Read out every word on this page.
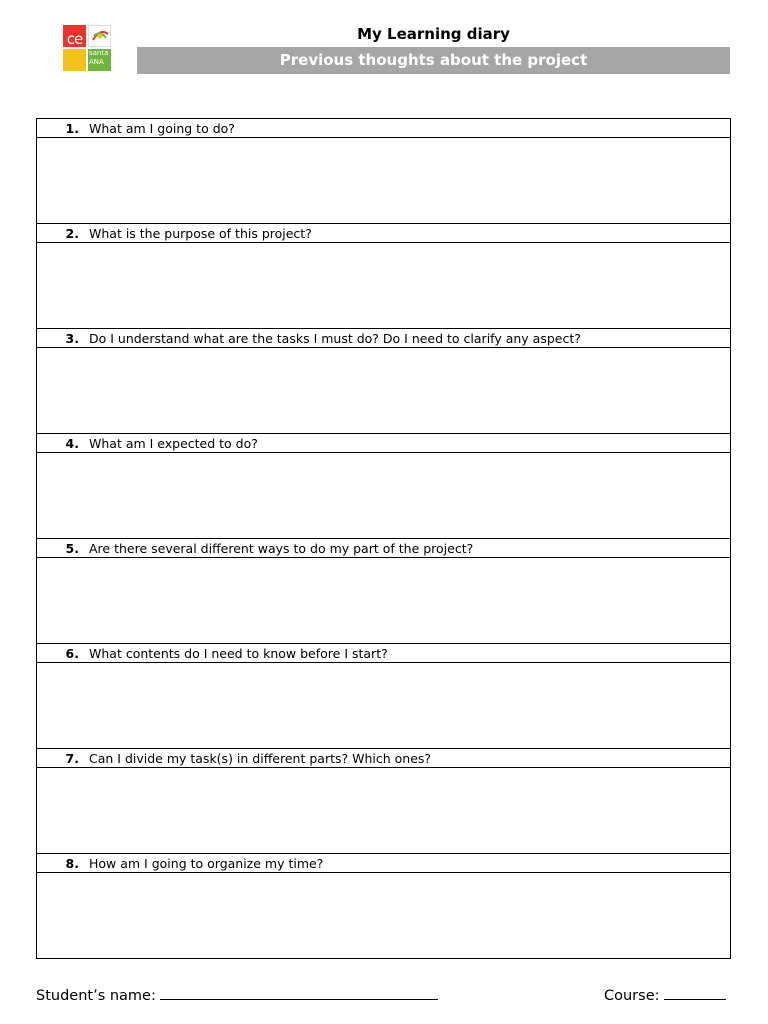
ce
santa ANA
My Learning diary
Previous thoughts about the project
1. What am I going to do?

2. What is the purpose of this project?

3. Do I understand what are the tasks I must do? Do I need to clarify any aspect?

4. What am I expected to do?

5. Are there several different ways to do my part of the project?

6. What contents do I need to know before I start?

7. Can I divide my task(s) in different parts? Which ones?

8. How am I going to organize my time?

Student’s name:	Course:
